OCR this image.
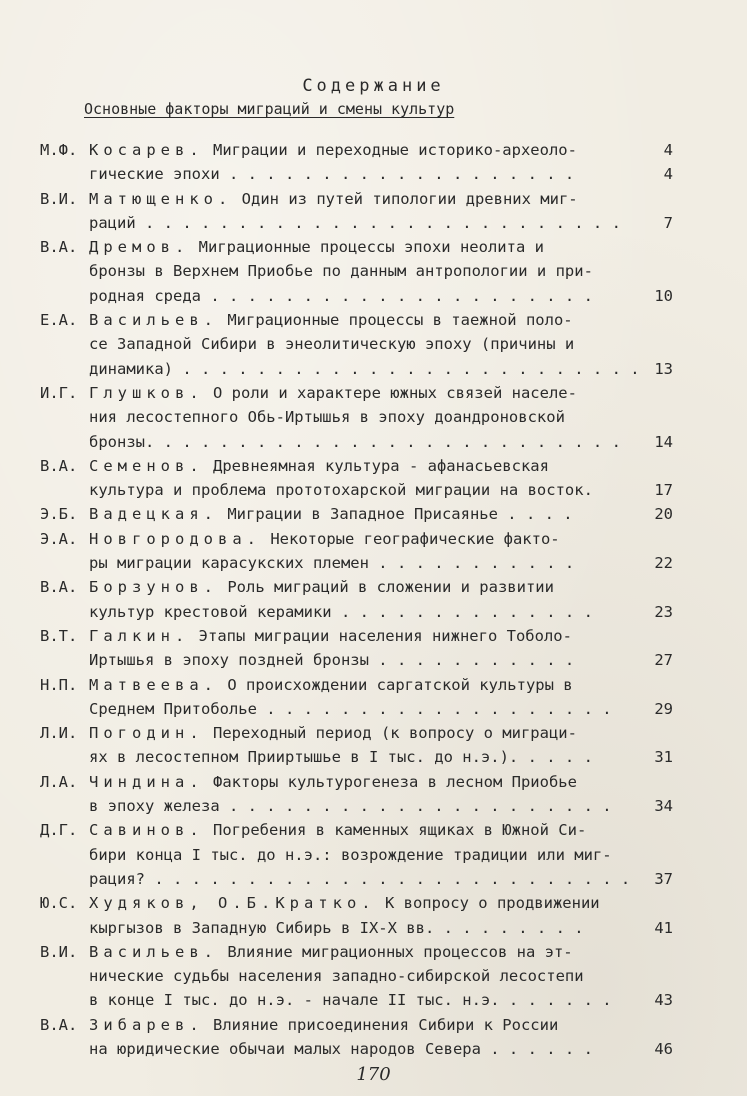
Содержание
Основные факторы миграций и смены культур
М.Ф. Косарев. Миграции и переходные историко-археоло-	4
гические эпохи . . . . . . . . . . . . . . . . . . .	4
В.И. Матющенко. Один из путей типологии древних миг-
раций . . . . . . . . . . . . . . . . . . . . . . . . . .	7
В.А. Дремов. Миграционные процессы эпохи неолита и
бронзы в Верхнем Приобье по данным антропологии и при-
родная среда . . . . . . . . . . . . . . . . . . . . .	10
Е.А. Васильев. Миграционные процессы в таежной поло-
се Западной Сибири в энеолитическую эпоху (причины и
динамика) . . . . . . . . . . . . . . . . . . . . . . . . . 13
И.Г. Глушков. О роли и характере южных связей населе-
ния лесостепного Обь-Иртышья в эпоху доандроновской
бронзы. . . . . . . . . . . . . . . . . . . . . . . . . . 14
В.А. Семенов. Древнеямная культура - афанасьевская
культура и проблема прототохарской миграции на восток.	17
Э.Б. Вадецкая. Миграции в Западное Присаянье . . . .	20
Э.А. Новгородова. Некоторые географические факто-
ры миграции карасукских племен . . . . . . . . . . .	22
В.А. Борзунов. Роль миграций в сложении и развитии
культур крестовой керамики . . . . . . . . . . . . . .	23
В.Т. Галкин. Этапы миграции населения нижнего Тоболо-
Иртышья в эпоху поздней бронзы . . . . . . . . . . .	27
Н.П. Матвеева. О происхождении саргатской культуры в
Среднем Притоболье . . . . . . . . . . . . . . . . . . .	29
Л.И. Погодин. Переходный период (к вопросу о миграци-
ях в лесостепном Прииртышье в I тыс. до н.э.). . . . .	31
Л.А. Чиндина. Факторы культурогенеза в лесном Приобье
в эпоху железа . . . . . . . . . . . . . . . . . . . . .	34
Д.Г. Савинов. Погребения в каменных ящиках в Южной Си-
бири конца I тыс. до н.э.: возрождение традиции или миг-
рация? . . . . . . . . . . . . . . . . . . . . . . . . . . 37
Ю.С. Худяков, О.Б.Кратко. К вопросу о продвижении
кыргызов в Западную Сибирь в IX-X вв. . . . . . . . .	41
В.И. Васильев. Влияние миграционных процессов на эт-
нические судьбы населения западно-сибирской лесостепи
в конце I тыс. до н.э. - начале II тыс. н.э. . . . . . .	43
В.А. Зибарев. Влияние присоединения Сибири к России
на юридические обычаи малых народов Севера . . . . . .	46
170
